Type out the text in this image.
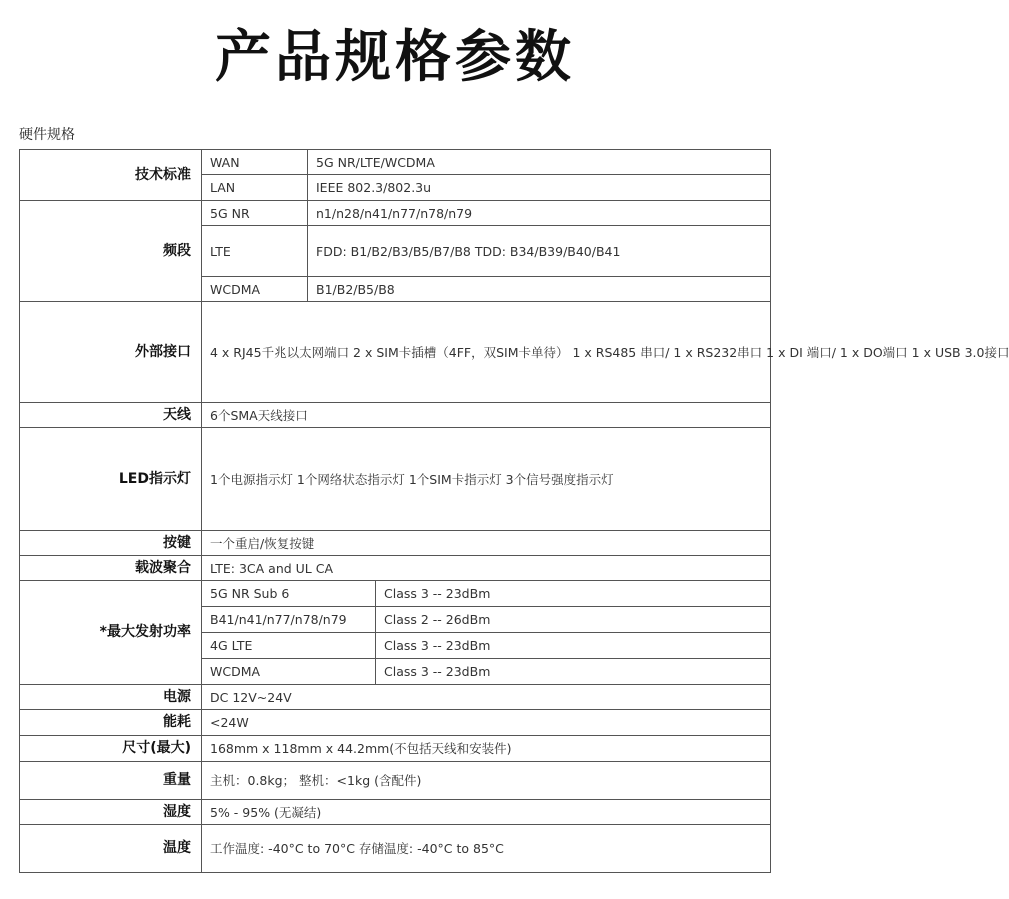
产品规格参数
硬件规格
技术标准	WAN	5G NR/LTE/WCDMA	
	LAN	IEEE 802.3/802.3u	
频段	5G NR	n1/n28/n41/n77/n78/n79	
	LTE	FDD: B1/B2/B3/B5/B7/B8 TDD: B34/B39/B40/B41	
	WCDMA	B1/B2/B5/B8	
外部接口	4 x RJ45千兆以太网端口 2 x SIM卡插槽（4FF，双SIM卡单待） 1 x RS485 串口/ 1 x RS232串口 1 x DI 端口/ 1 x DO端口 1 x USB 3.0接口		
天线	6个SMA天线接口		
LED指示灯	1个电源指示灯 1个网络状态指示灯 1个SIM卡指示灯 3个信号强度指示灯		
按键	一个重启/恢复按键		
载波聚合	LTE: 3CA and UL CA		
*最大发射功率	5G NR Sub 6		Class 3 -- 23dBm
	B41/n41/n77/n78/n79		Class 2 -- 26dBm
	4G LTE		Class 3 -- 23dBm
	WCDMA		Class 3 -- 23dBm
电源	DC 12V~24V		
能耗	<24W		
尺寸(最大)	168mm x 118mm x 44.2mm(不包括天线和安装件)		
重量	主机：0.8kg； 整机：<1kg (含配件)		
湿度	5% - 95% (无凝结)		
温度	工作温度: -40°C to 70°C 存储温度: -40°C to 85°C		
